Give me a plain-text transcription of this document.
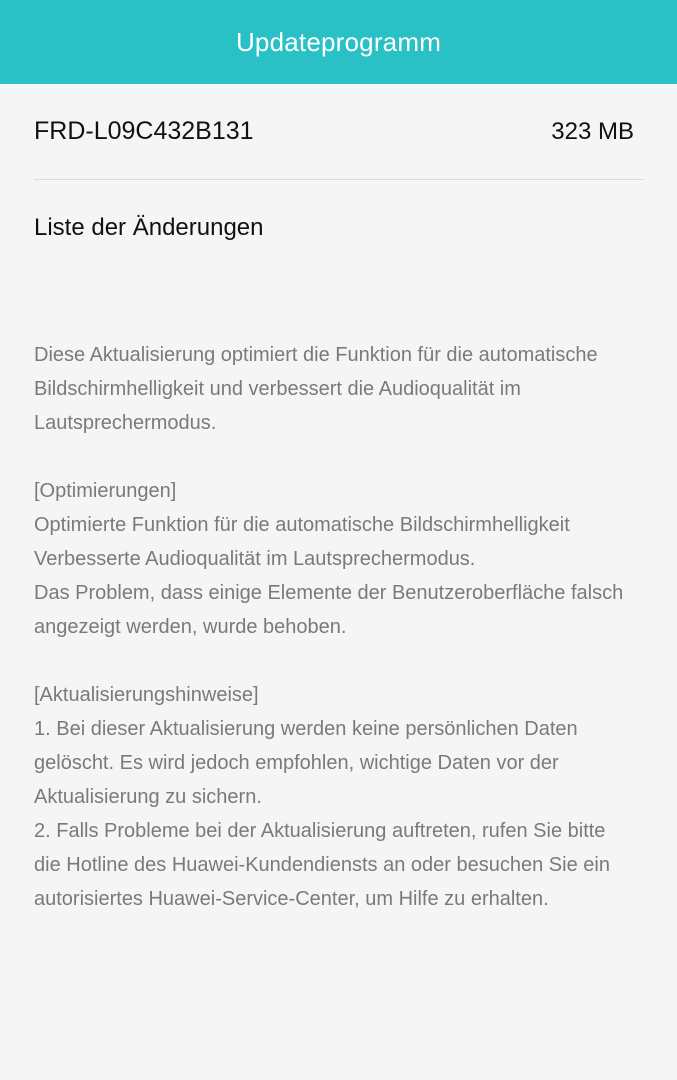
Updateprogramm
FRD-L09C432B131	323 MB
Liste der Änderungen
Diese Aktualisierung optimiert die Funktion für die automatische
Bildschirmhelligkeit und verbessert die Audioqualität im
Lautsprechermodus.
[Optimierungen]
Optimierte Funktion für die automatische Bildschirmhelligkeit
Verbesserte Audioqualität im Lautsprechermodus.
Das Problem, dass einige Elemente der Benutzeroberfläche falsch
angezeigt werden, wurde behoben.
[Aktualisierungshinweise]
1. Bei dieser Aktualisierung werden keine persönlichen Daten
gelöscht. Es wird jedoch empfohlen, wichtige Daten vor der
Aktualisierung zu sichern.
2. Falls Probleme bei der Aktualisierung auftreten, rufen Sie bitte
die Hotline des Huawei-Kundendiensts an oder besuchen Sie ein
autorisiertes Huawei-Service-Center, um Hilfe zu erhalten.
